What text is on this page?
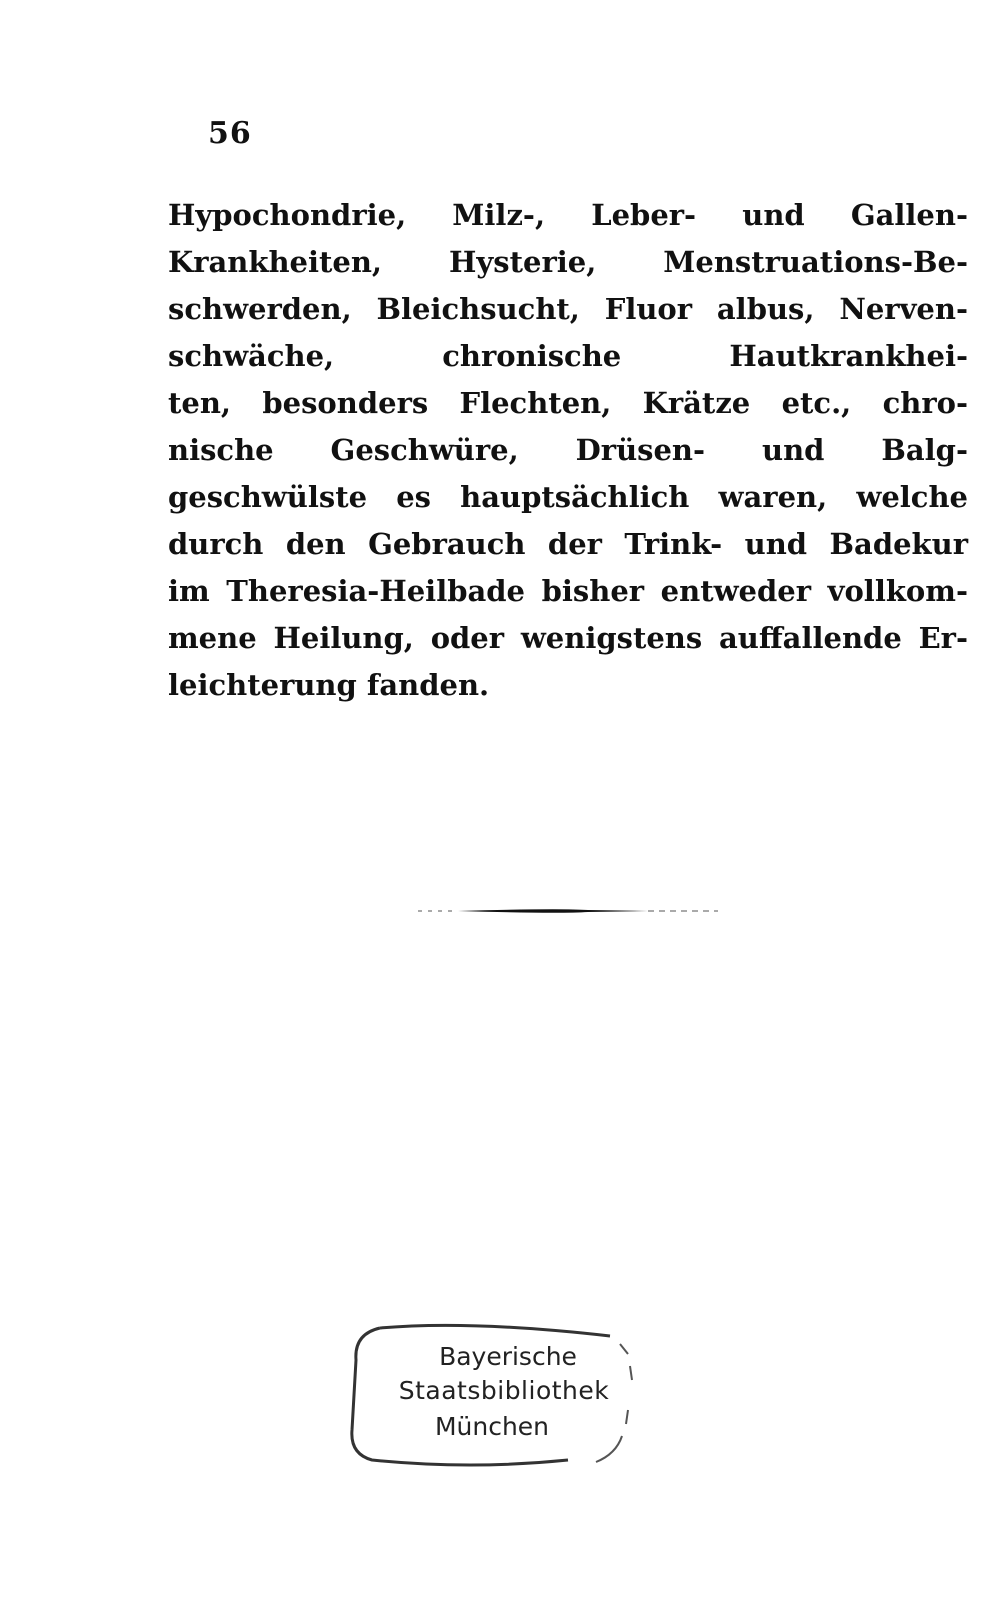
56
Hypochondrie, Milz-, Leber- und Gallen-
Krankheiten, Hysterie, Menstruations-Be-
schwerden, Bleichsucht, Fluor albus, Nerven-
schwäche, chronische Hautkrankhei-
ten, besonders Flechten, Krätze etc., chro-
nische Geschwüre, Drüsen- und Balg-
geschwülste es hauptsächlich waren, welche
durch den Gebrauch der Trink- und Badekur
im Theresia-Heilbade bisher entweder vollkom-
mene Heilung, oder wenigstens auffallende Er-
leichterung fanden.
Bayerische
Staatsbibliothek
München
